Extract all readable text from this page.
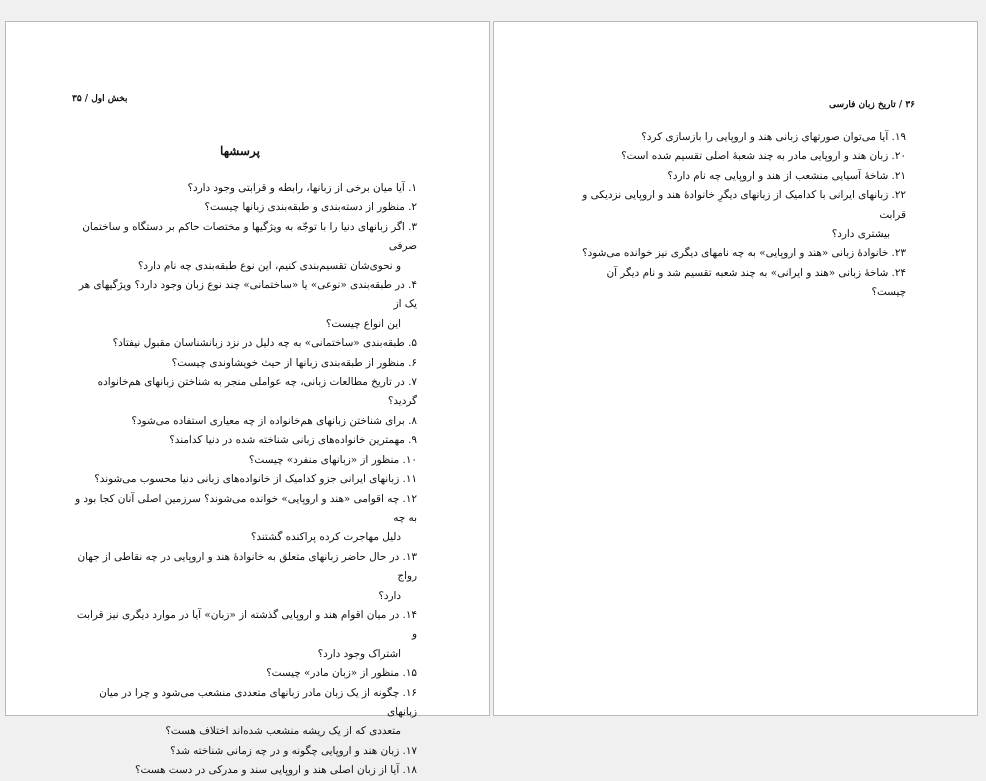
بخش اول / ۳۵
پرسشها
۱. آیا میان برخی از زبانها، رابطه و قرابتی وجود دارد؟
۲. منظور از دسته‌بندی و طبقه‌بندی زبانها چیست؟
۳. اگر زبانهای دنیا را با توجّه به ویژگیها و مختصات حاکم بر دستگاه و ساختمان صرفی
و نحوی‌شان تقسیم‌بندی کنیم، این نوع طبقه‌بندی چه نام دارد؟
۴. در طبقه‌بندی «نوعی» یا «ساختمانی» چند نوع زبان وجود دارد؟ ویژگیهای هر یک از
این انواع چیست؟
۵. طبقه‌بندی «ساختمانی» به چه دلیل در نزد زبانشناسان مقبول نیفتاد؟
۶. منظور از طبقه‌بندی زبانها از حیث خویشاوندی چیست؟
۷. در تاریخ مطالعات زبانی، چه عواملی منجر به شناختن زبانهای هم‌خانواده گردید؟
۸. برای شناختن زبانهای هم‌خانواده از چه معیاری استفاده می‌شود؟
۹. مهمترین خانواده‌های زبانی شناخته شده در دنیا کدامند؟
۱۰. منظور از «زبانهای منفرد» چیست؟
۱۱. زبانهای ایرانی جزو کدامیک از خانواده‌های زبانی دنیا محسوب می‌شوند؟
۱۲. چه اقوامی «هند و اروپایی» خوانده می‌شوند؟ سرزمین اصلی آنان کجا بود و به چه
دلیل مهاجرت کرده پراکنده گشتند؟
۱۳. در حال حاضر زبانهای متعلق به خانوادهٔ هند و اروپایی در چه نقاطی از جهان رواج
دارد؟
۱۴. در میان اقوام هند و اروپایی گذشته از «زبان» آیا در موارد دیگری نیز قرابت و
اشتراک وجود دارد؟
۱۵. منظور از «زبان مادر» چیست؟
۱۶. چگونه از یک زبان مادر زبانهای متعددی منشعب می‌شود و چرا در میان زبانهای
متعددی که از یک ریشه منشعب شده‌اند اختلاف هست؟
۱۷. زبان هند و اروپایی چگونه و در چه زمانی شناخته شد؟
۱۸. آیا از زبان اصلی هند و اروپایی سند و مدرکی در دست هست؟
۳۶ / تاریخ زبان فارسی
۱۹. آیا می‌توان صورتهای زبانی هند و اروپایی را بازسازی کرد؟
۲۰. زبان هند و اروپایی مادر به چند شعبهٔ اصلی تقسیم شده است؟
۲۱. شاخهٔ آسیایی منشعب از هند و اروپایی چه نام دارد؟
۲۲. زبانهای ایرانی با کدامیک از زبانهای دیگرِ خانوادهٔ هند و اروپایی نزدیکی و قرابت
بیشتری دارد؟
۲۳. خانوادهٔ زبانی «هند و اروپایی» به چه نامهای دیگری نیز خوانده می‌شود؟
۲۴. شاخهٔ زبانی «هند و ایرانی» به چند شعبه تقسیم شد و نام دیگر آن چیست؟
